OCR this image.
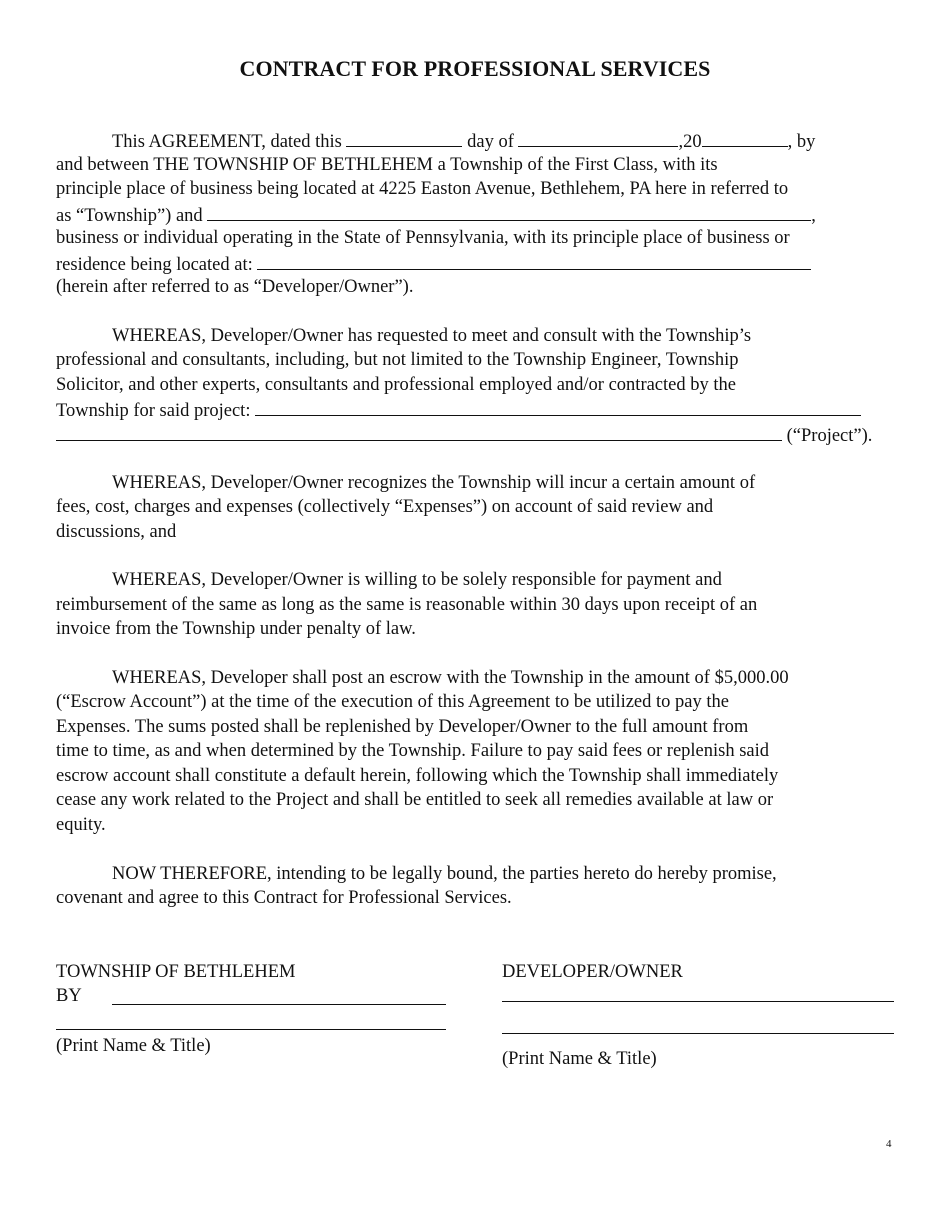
CONTRACT FOR PROFESSIONAL SERVICES
This AGREEMENT, dated this	day of	,20	, by
and between THE TOWNSHIP OF BETHLEHEM a Township of the First Class, with its
principle place of business being located at 4225 Easton Avenue, Bethlehem, PA here in referred to
as “Township”) and	,
business or individual operating in the State of Pennsylvania, with its principle place of business or
residence being located at:
(herein after referred to as “Developer/Owner”).
WHEREAS, Developer/Owner has requested to meet and consult with the Township’s
professional and consultants, including, but not limited to the Township Engineer, Township
Solicitor, and other experts, consultants and professional employed and/or contracted by the
Township for said project:
(“Project”).
WHEREAS, Developer/Owner recognizes the Township will incur a certain amount of
fees, cost, charges and expenses (collectively “Expenses”) on account of said review and
discussions, and
WHEREAS, Developer/Owner is willing to be solely responsible for payment and
reimbursement of the same as long as the same is reasonable within 30 days upon receipt of an
invoice from the Township under penalty of law.
WHEREAS, Developer shall post an escrow with the Township in the amount of $5,000.00
(“Escrow Account”) at the time of the execution of this Agreement to be utilized to pay the
Expenses. The sums posted shall be replenished by Developer/Owner to the full amount from
time to time, as and when determined by the Township. Failure to pay said fees or replenish said
escrow account shall constitute a default herein, following which the Township shall immediately
cease any work related to the Project and shall be entitled to seek all remedies available at law or
equity.
NOW THEREFORE, intending to be legally bound, the parties hereto do hereby promise,
covenant and agree to this Contract for Professional Services.
TOWNSHIP OF BETHLEHEM
BY
(Print Name & Title)
DEVELOPER/OWNER
(Print Name & Title)
4
